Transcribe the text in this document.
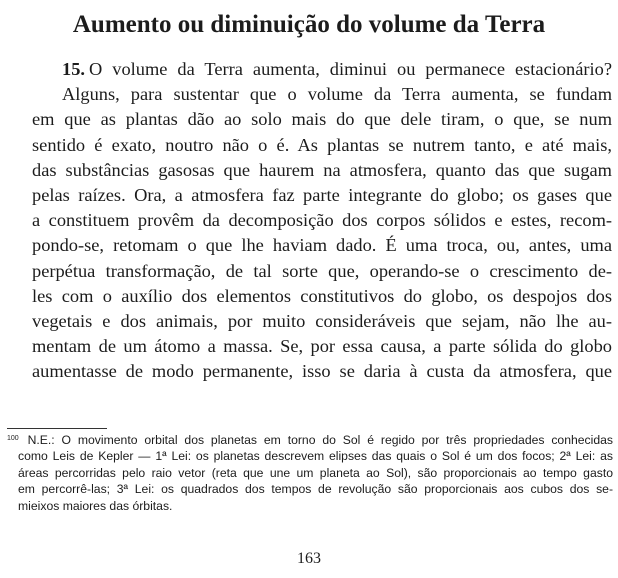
Aumento ou diminuição do volume da Terra
15. O volume da Terra aumenta, diminui ou permanece estacionário?
Alguns, para sustentar que o volume da Terra aumenta, se fundam
em que as plantas dão ao solo mais do que dele tiram, o que, se num
sentido é exato, noutro não o é. As plantas se nutrem tanto, e até mais,
das substâncias gasosas que haurem na atmosfera, quanto das que sugam
pelas raízes. Ora, a atmosfera faz parte integrante do globo; os gases que
a constituem provêm da decomposição dos corpos sólidos e estes, recom-
pondo-se, retomam o que lhe haviam dado. É uma troca, ou, antes, uma
perpétua transformação, de tal sorte que, operando-se o crescimento de-
les com o auxílio dos elementos constitutivos do globo, os despojos dos
vegetais e dos animais, por muito consideráveis que sejam, não lhe au-
mentam de um átomo a massa. Se, por essa causa, a parte sólida do globo
aumentasse de modo permanente, isso se daria à custa da atmosfera, que
$^{100}$ N.E.: O movimento orbital dos planetas em torno do Sol é regido por três propriedades conhecidas
como Leis de Kepler — 1ª Lei: os planetas descrevem elipses das quais o Sol é um dos focos; 2ª Lei: as
áreas percorridas pelo raio vetor (reta que une um planeta ao Sol), são proporcionais ao tempo gasto
em percorrê-las; 3ª Lei: os quadrados dos tempos de revolução são proporcionais aos cubos dos se-
mieixos maiores das órbitas.
163
